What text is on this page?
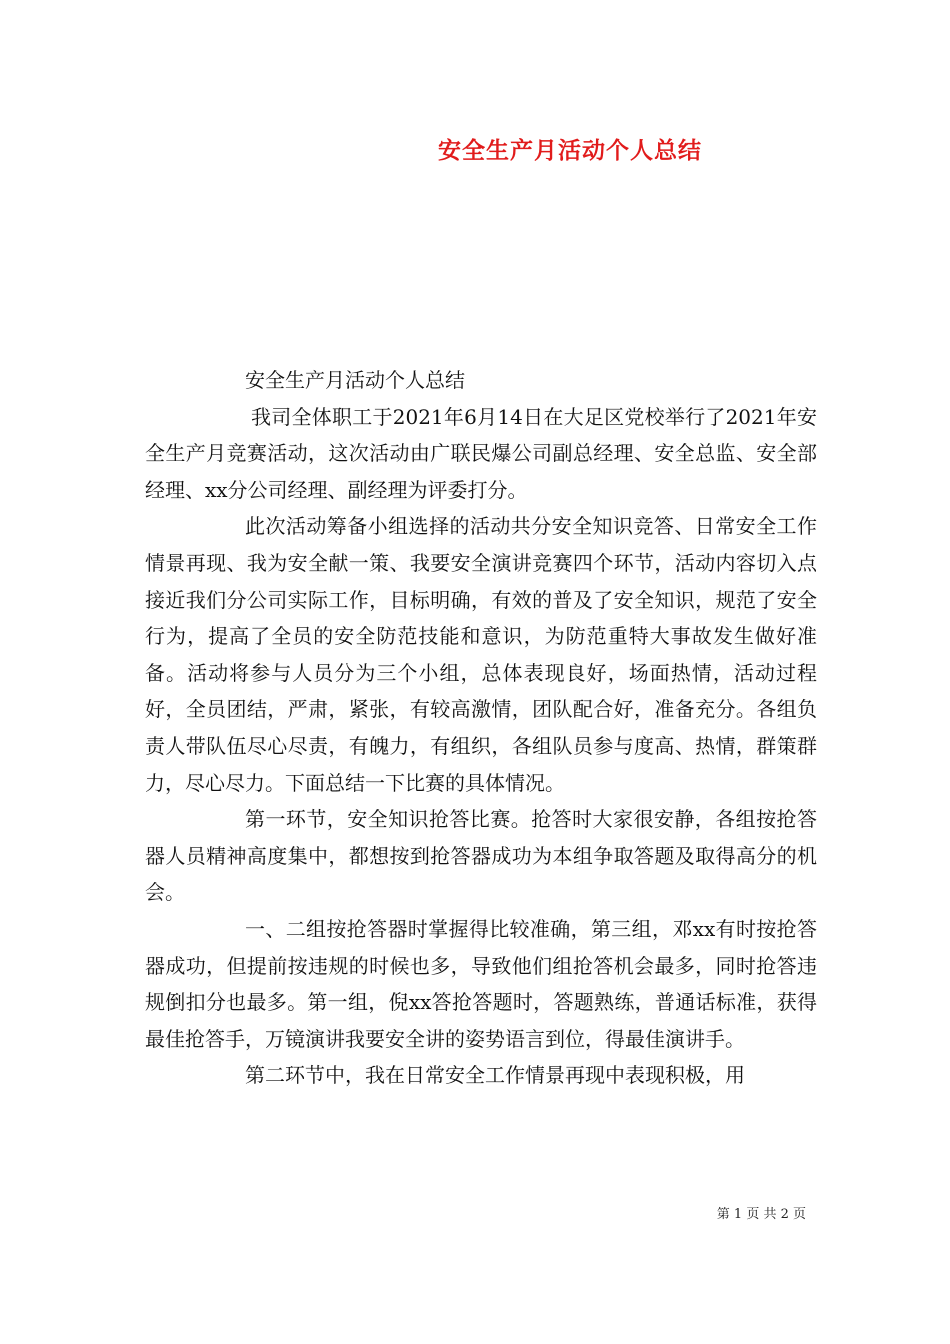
安全生产月活动个人总结

安全生产月活动个人总结

我司全体职工于2021年6月14日在大足区党校举行了2021年安全生产月竞赛活动，这次活动由广联民爆公司副总经理、安全总监、安全部经理、xx分公司经理、副经理为评委打分。

此次活动筹备小组选择的活动共分安全知识竞答、日常安全工作情景再现、我为安全献一策、我要安全演讲竞赛四个环节，活动内容切入点接近我们分公司实际工作，目标明确，有效的普及了安全知识，规范了安全行为，提高了全员的安全防范技能和意识，为防范重特大事故发生做好准备。活动将参与人员分为三个小组，总体表现良好，场面热情，活动过程好，全员团结，严肃，紧张，有较高激情，团队配合好，准备充分。各组负责人带队伍尽心尽责，有魄力，有组织，各组队员参与度高、热情，群策群力，尽心尽力。下面总结一下比赛的具体情况。

第一环节，安全知识抢答比赛。抢答时大家很安静，各组按抢答器人员精神高度集中，都想按到抢答器成功为本组争取答题及取得高分的机会。

一、二组按抢答器时掌握得比较准确，第三组，邓xx有时按抢答器成功，但提前按违规的时候也多，导致他们组抢答机会最多，同时抢答违规倒扣分也最多。第一组，倪xx答抢答题时，答题熟练，普通话标准，获得最佳抢答手，万镜演讲我要安全讲的姿势语言到位，得最佳演讲手。

第二环节中，我在日常安全工作情景再现中表现积极，用

第 1 页 共 2 页
